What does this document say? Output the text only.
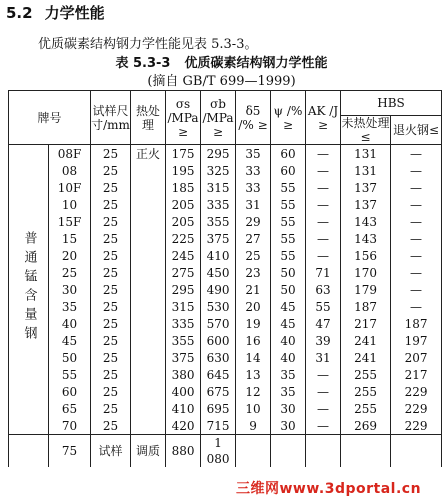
5.2 力学性能
优质碳素结构钢力学性能见表 5.3-3。
表 5.3-3 优质碳素结构钢力学性能
(摘自 GB/T 699—1999)
牌号		试样尺寸/mm	热处理	σs /MPa ≥	σb /MPa ≥	δ5 /% ≥	ψ /% ≥	AK /J ≥	HBS	
									未热处理≤	退火钢≤
普通锰含量钢	08F	25	正火	175	295	35	60	—	131	—
	08	25		195	325	33	60	—	131	—
	10F	25		185	315	33	55	—	137	—
	10	25		205	335	31	55	—	137	—
	15F	25		205	355	29	55	—	143	—
	15	25		225	375	27	55	—	143	—
	20	25		245	410	25	55	—	156	—
	25	25		275	450	23	50	71	170	—
	30	25		295	490	21	50	63	179	—
	35	25		315	530	20	45	55	187	—
	40	25		335	570	19	45	47	217	187
	45	25		355	600	16	40	39	241	197
	50	25		375	630	14	40	31	241	207
	55	25		380	645	13	35	—	255	217
	60	25		400	675	12	35	—	255	229
	65	25		410	695	10	30	—	255	229
	70	25		420	715	9	30	—	269	229
	75	试样	调质	880	1 080					
三维网www.3dportal.cn
